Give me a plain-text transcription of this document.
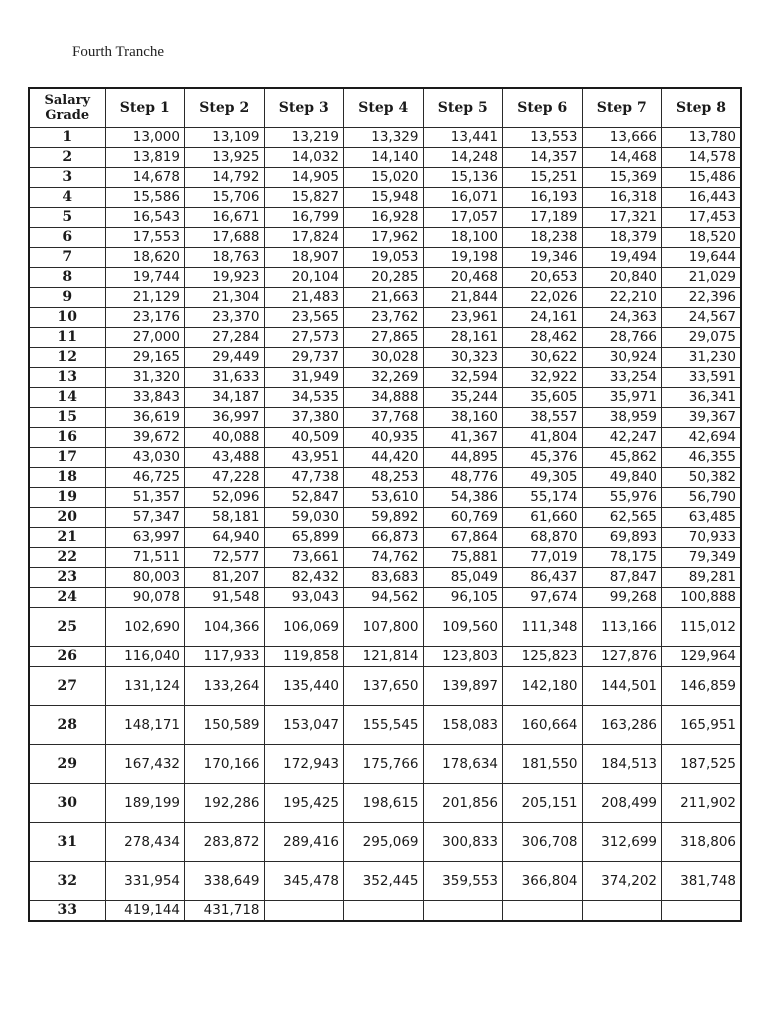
Fourth Tranche
Salary Grade	Step 1	Step 2	Step 3	Step 4	Step 5	Step 6	Step 7	Step 8
1	13,000	13,109	13,219	13,329	13,441	13,553	13,666	13,780
2	13,819	13,925	14,032	14,140	14,248	14,357	14,468	14,578
3	14,678	14,792	14,905	15,020	15,136	15,251	15,369	15,486
4	15,586	15,706	15,827	15,948	16,071	16,193	16,318	16,443
5	16,543	16,671	16,799	16,928	17,057	17,189	17,321	17,453
6	17,553	17,688	17,824	17,962	18,100	18,238	18,379	18,520
7	18,620	18,763	18,907	19,053	19,198	19,346	19,494	19,644
8	19,744	19,923	20,104	20,285	20,468	20,653	20,840	21,029
9	21,129	21,304	21,483	21,663	21,844	22,026	22,210	22,396
10	23,176	23,370	23,565	23,762	23,961	24,161	24,363	24,567
11	27,000	27,284	27,573	27,865	28,161	28,462	28,766	29,075
12	29,165	29,449	29,737	30,028	30,323	30,622	30,924	31,230
13	31,320	31,633	31,949	32,269	32,594	32,922	33,254	33,591
14	33,843	34,187	34,535	34,888	35,244	35,605	35,971	36,341
15	36,619	36,997	37,380	37,768	38,160	38,557	38,959	39,367
16	39,672	40,088	40,509	40,935	41,367	41,804	42,247	42,694
17	43,030	43,488	43,951	44,420	44,895	45,376	45,862	46,355
18	46,725	47,228	47,738	48,253	48,776	49,305	49,840	50,382
19	51,357	52,096	52,847	53,610	54,386	55,174	55,976	56,790
20	57,347	58,181	59,030	59,892	60,769	61,660	62,565	63,485
21	63,997	64,940	65,899	66,873	67,864	68,870	69,893	70,933
22	71,511	72,577	73,661	74,762	75,881	77,019	78,175	79,349
23	80,003	81,207	82,432	83,683	85,049	86,437	87,847	89,281
24	90,078	91,548	93,043	94,562	96,105	97,674	99,268	100,888
25	102,690	104,366	106,069	107,800	109,560	111,348	113,166	115,012
26	116,040	117,933	119,858	121,814	123,803	125,823	127,876	129,964
27	131,124	133,264	135,440	137,650	139,897	142,180	144,501	146,859
28	148,171	150,589	153,047	155,545	158,083	160,664	163,286	165,951
29	167,432	170,166	172,943	175,766	178,634	181,550	184,513	187,525
30	189,199	192,286	195,425	198,615	201,856	205,151	208,499	211,902
31	278,434	283,872	289,416	295,069	300,833	306,708	312,699	318,806
32	331,954	338,649	345,478	352,445	359,553	366,804	374,202	381,748
33	419,144	431,718						
